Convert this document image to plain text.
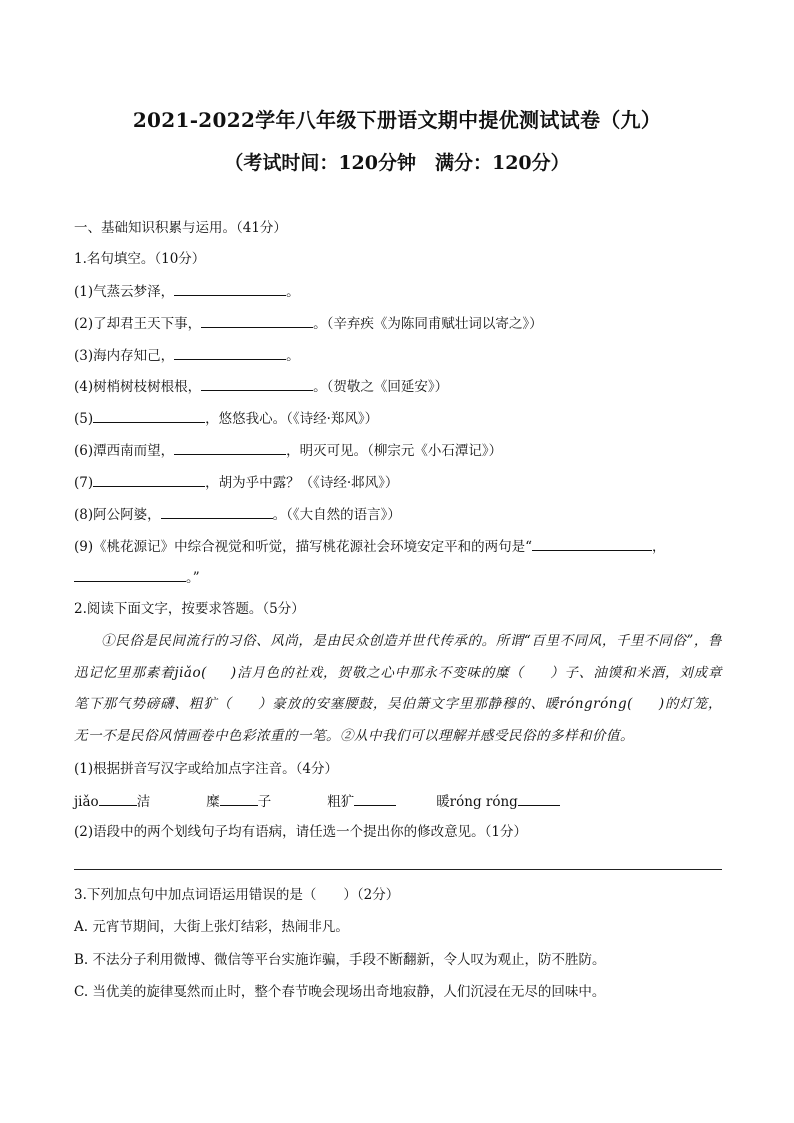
2021-2022学年八年级下册语文期中提优测试试卷（九）
（考试时间：120分钟　满分：120分）
一、基础知识积累与运用。（41分）
1.名句填空。（10分）
(1)气蒸云梦泽，	。
(2)了却君王天下事，	。（辛弃疾《为陈同甫赋壮词以寄之》）
(3)海内存知己，	。
(4)树梢树枝树根根，	。（贺敬之《回延安》）
(5)	，悠悠我心。（《诗经·郑风》）
(6)潭西南而望，	，明灭可见。（柳宗元《小石潭记》）
(7)	，胡为乎中露？（《诗经·邶风》）
(8)阿公阿婆，	。（《大自然的语言》）
(9)《桃花源记》中综合视觉和听觉，描写桃花源社会环境安定平和的两句是“	，
。”
2.阅读下面文字，按要求答题。（5分）
①民俗是民间流行的习俗、风尚，是由民众创造并世代传承的。所谓“百里不同风，千里不同俗”，鲁迅记忆里那素着jiǎo( )洁月色的社戏，贺敬之心中那永不变味的糜（ ）子、油馍和米酒，刘成章笔下那气势磅礴、粗犷（ ）豪放的安塞腰鼓，吴伯箫文字里那静穆的、暖róngróng( )的灯笼，无一不是民俗风情画卷中色彩浓重的一笔。②从中我们可以理解并感受民俗的多样和价值。
(1)根据拼音写汉字或给加点字注音。（4分）
jiǎo	洁	糜	子	粗犷	暖róng róng
(2)语段中的两个划线句子均有语病，请任选一个提出你的修改意见。（1分）
3.下列加点句中加点词语运用错误的是（　　）（2分）
A. 元宵节期间，大街上张灯结彩，热闹非凡。
B. 不法分子利用微博、微信等平台实施诈骗，手段不断翻新，令人叹为观止，防不胜防。
C. 当优美的旋律戛然而止时，整个春节晚会现场出奇地寂静，人们沉浸在无尽的回味中。
